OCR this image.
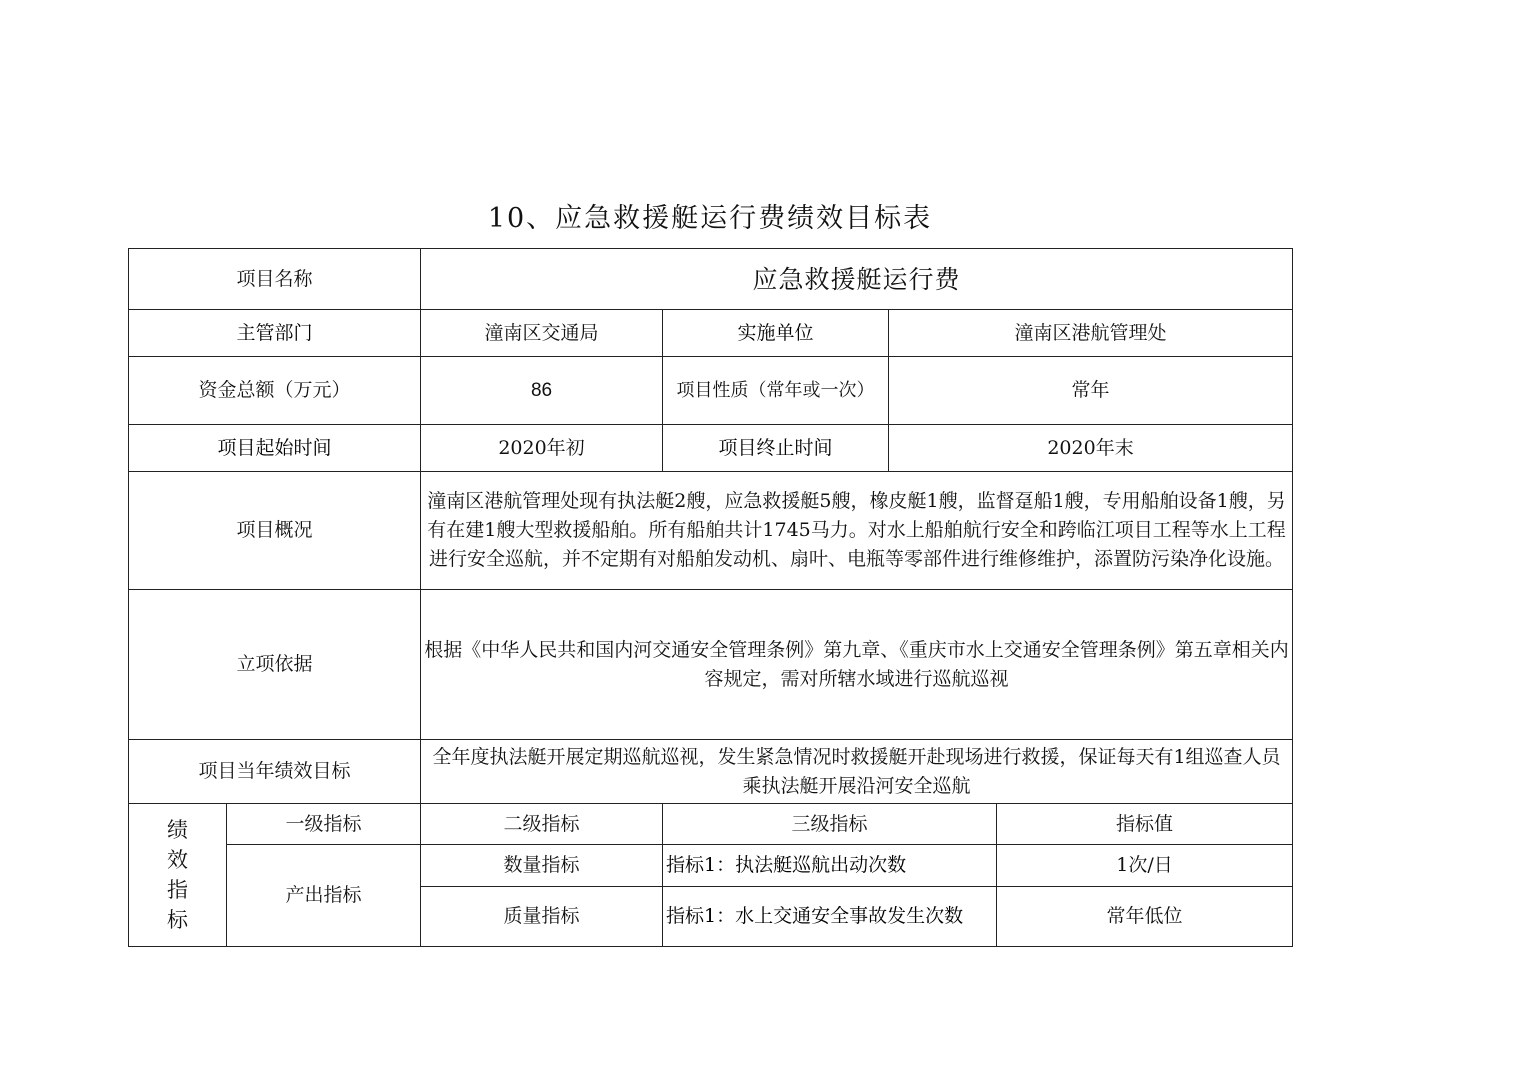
10、应急救援艇运行费绩效目标表
项目名称		应急救援艇运行费			
主管部门		潼南区交通局	实施单位	潼南区港航管理处	
资金总额（万元）		86	项目性质（常年或一次）	常年	
项目起始时间		2020年初	项目终止时间	2020年末	
项目概况		潼南区港航管理处现有执法艇2艘，应急救援艇5艘，橡皮艇1艘，监督趸船1艘，专用船舶设备1艘，另有在建1艘大型救援船舶。所有船舶共计1745马力。对水上船舶航行安全和跨临江项目工程等水上工程进行安全巡航，并不定期有对船舶发动机、扇叶、电瓶等零部件进行维修维护，添置防污染净化设施。			
立项依据		根据《中华人民共和国内河交通安全管理条例》第九章、《重庆市水上交通安全管理条例》第五章相关内容规定，需对所辖水域进行巡航巡视			
项目当年绩效目标		全年度执法艇开展定期巡航巡视，发生紧急情况时救援艇开赴现场进行救援，保证每天有1组巡查人员乘执法艇开展沿河安全巡航			

绩
效
指
标	一级指标	二级指标	三级指标		指标值
	产出指标	数量指标	指标1：执法艇巡航出动次数		1次/日
		质量指标	指标1：水上交通安全事故发生次数		常年低位
